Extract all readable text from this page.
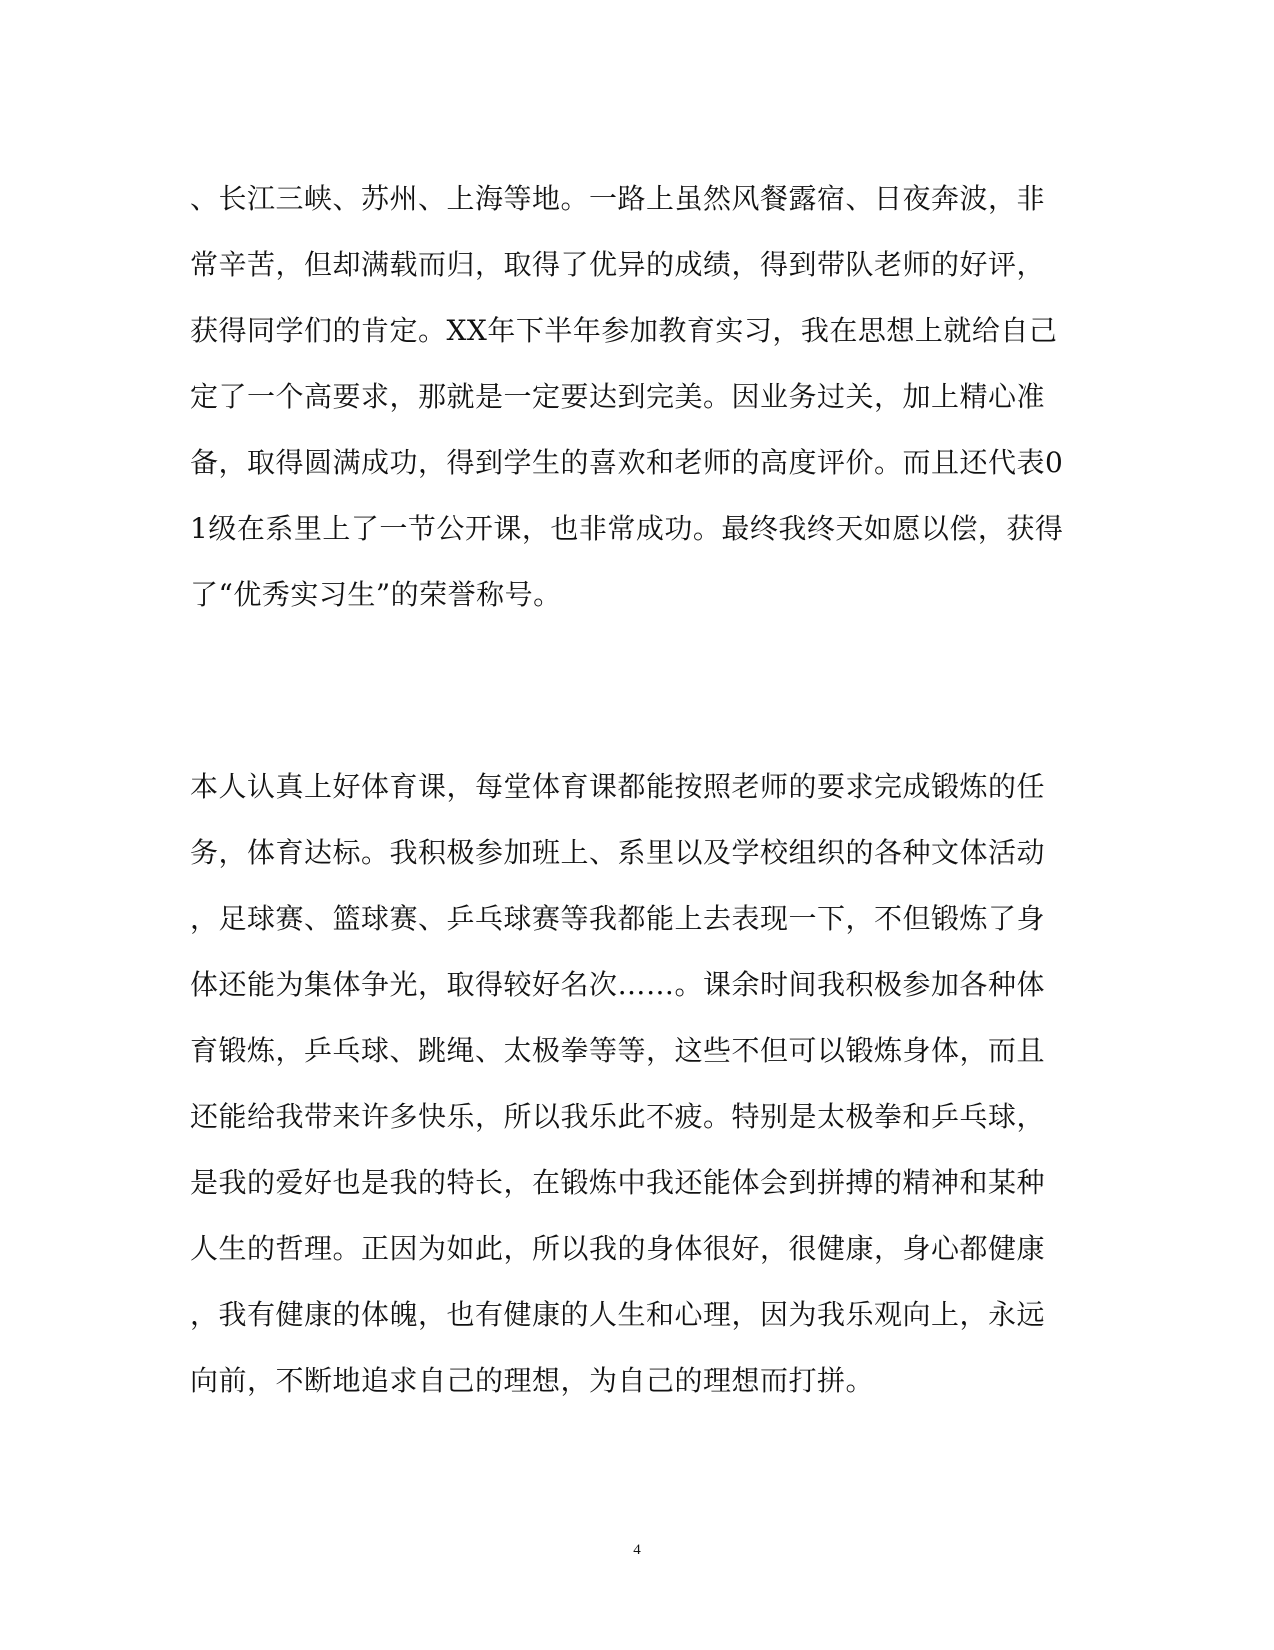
、长江三峡、苏州、上海等地。一路上虽然风餐露宿、日夜奔波，非
常辛苦，但却满载而归，取得了优异的成绩，得到带队老师的好评，
获得同学们的肯定。XX年下半年参加教育实习，我在思想上就给自己
定了一个高要求，那就是一定要达到完美。因业务过关，加上精心准
备，取得圆满成功，得到学生的喜欢和老师的高度评价。而且还代表0
1级在系里上了一节公开课，也非常成功。最终我终天如愿以偿，获得
了“优秀实习生”的荣誉称号。
本人认真上好体育课，每堂体育课都能按照老师的要求完成锻炼的任
务，体育达标。我积极参加班上、系里以及学校组织的各种文体活动
，足球赛、篮球赛、乒乓球赛等我都能上去表现一下，不但锻炼了身
体还能为集体争光，取得较好名次……。课余时间我积极参加各种体
育锻炼，乒乓球、跳绳、太极拳等等，这些不但可以锻炼身体，而且
还能给我带来许多快乐，所以我乐此不疲。特别是太极拳和乒乓球，
是我的爱好也是我的特长，在锻炼中我还能体会到拼搏的精神和某种
人生的哲理。正因为如此，所以我的身体很好，很健康，身心都健康
，我有健康的体魄，也有健康的人生和心理，因为我乐观向上，永远
向前，不断地追求自己的理想，为自己的理想而打拼。
4
